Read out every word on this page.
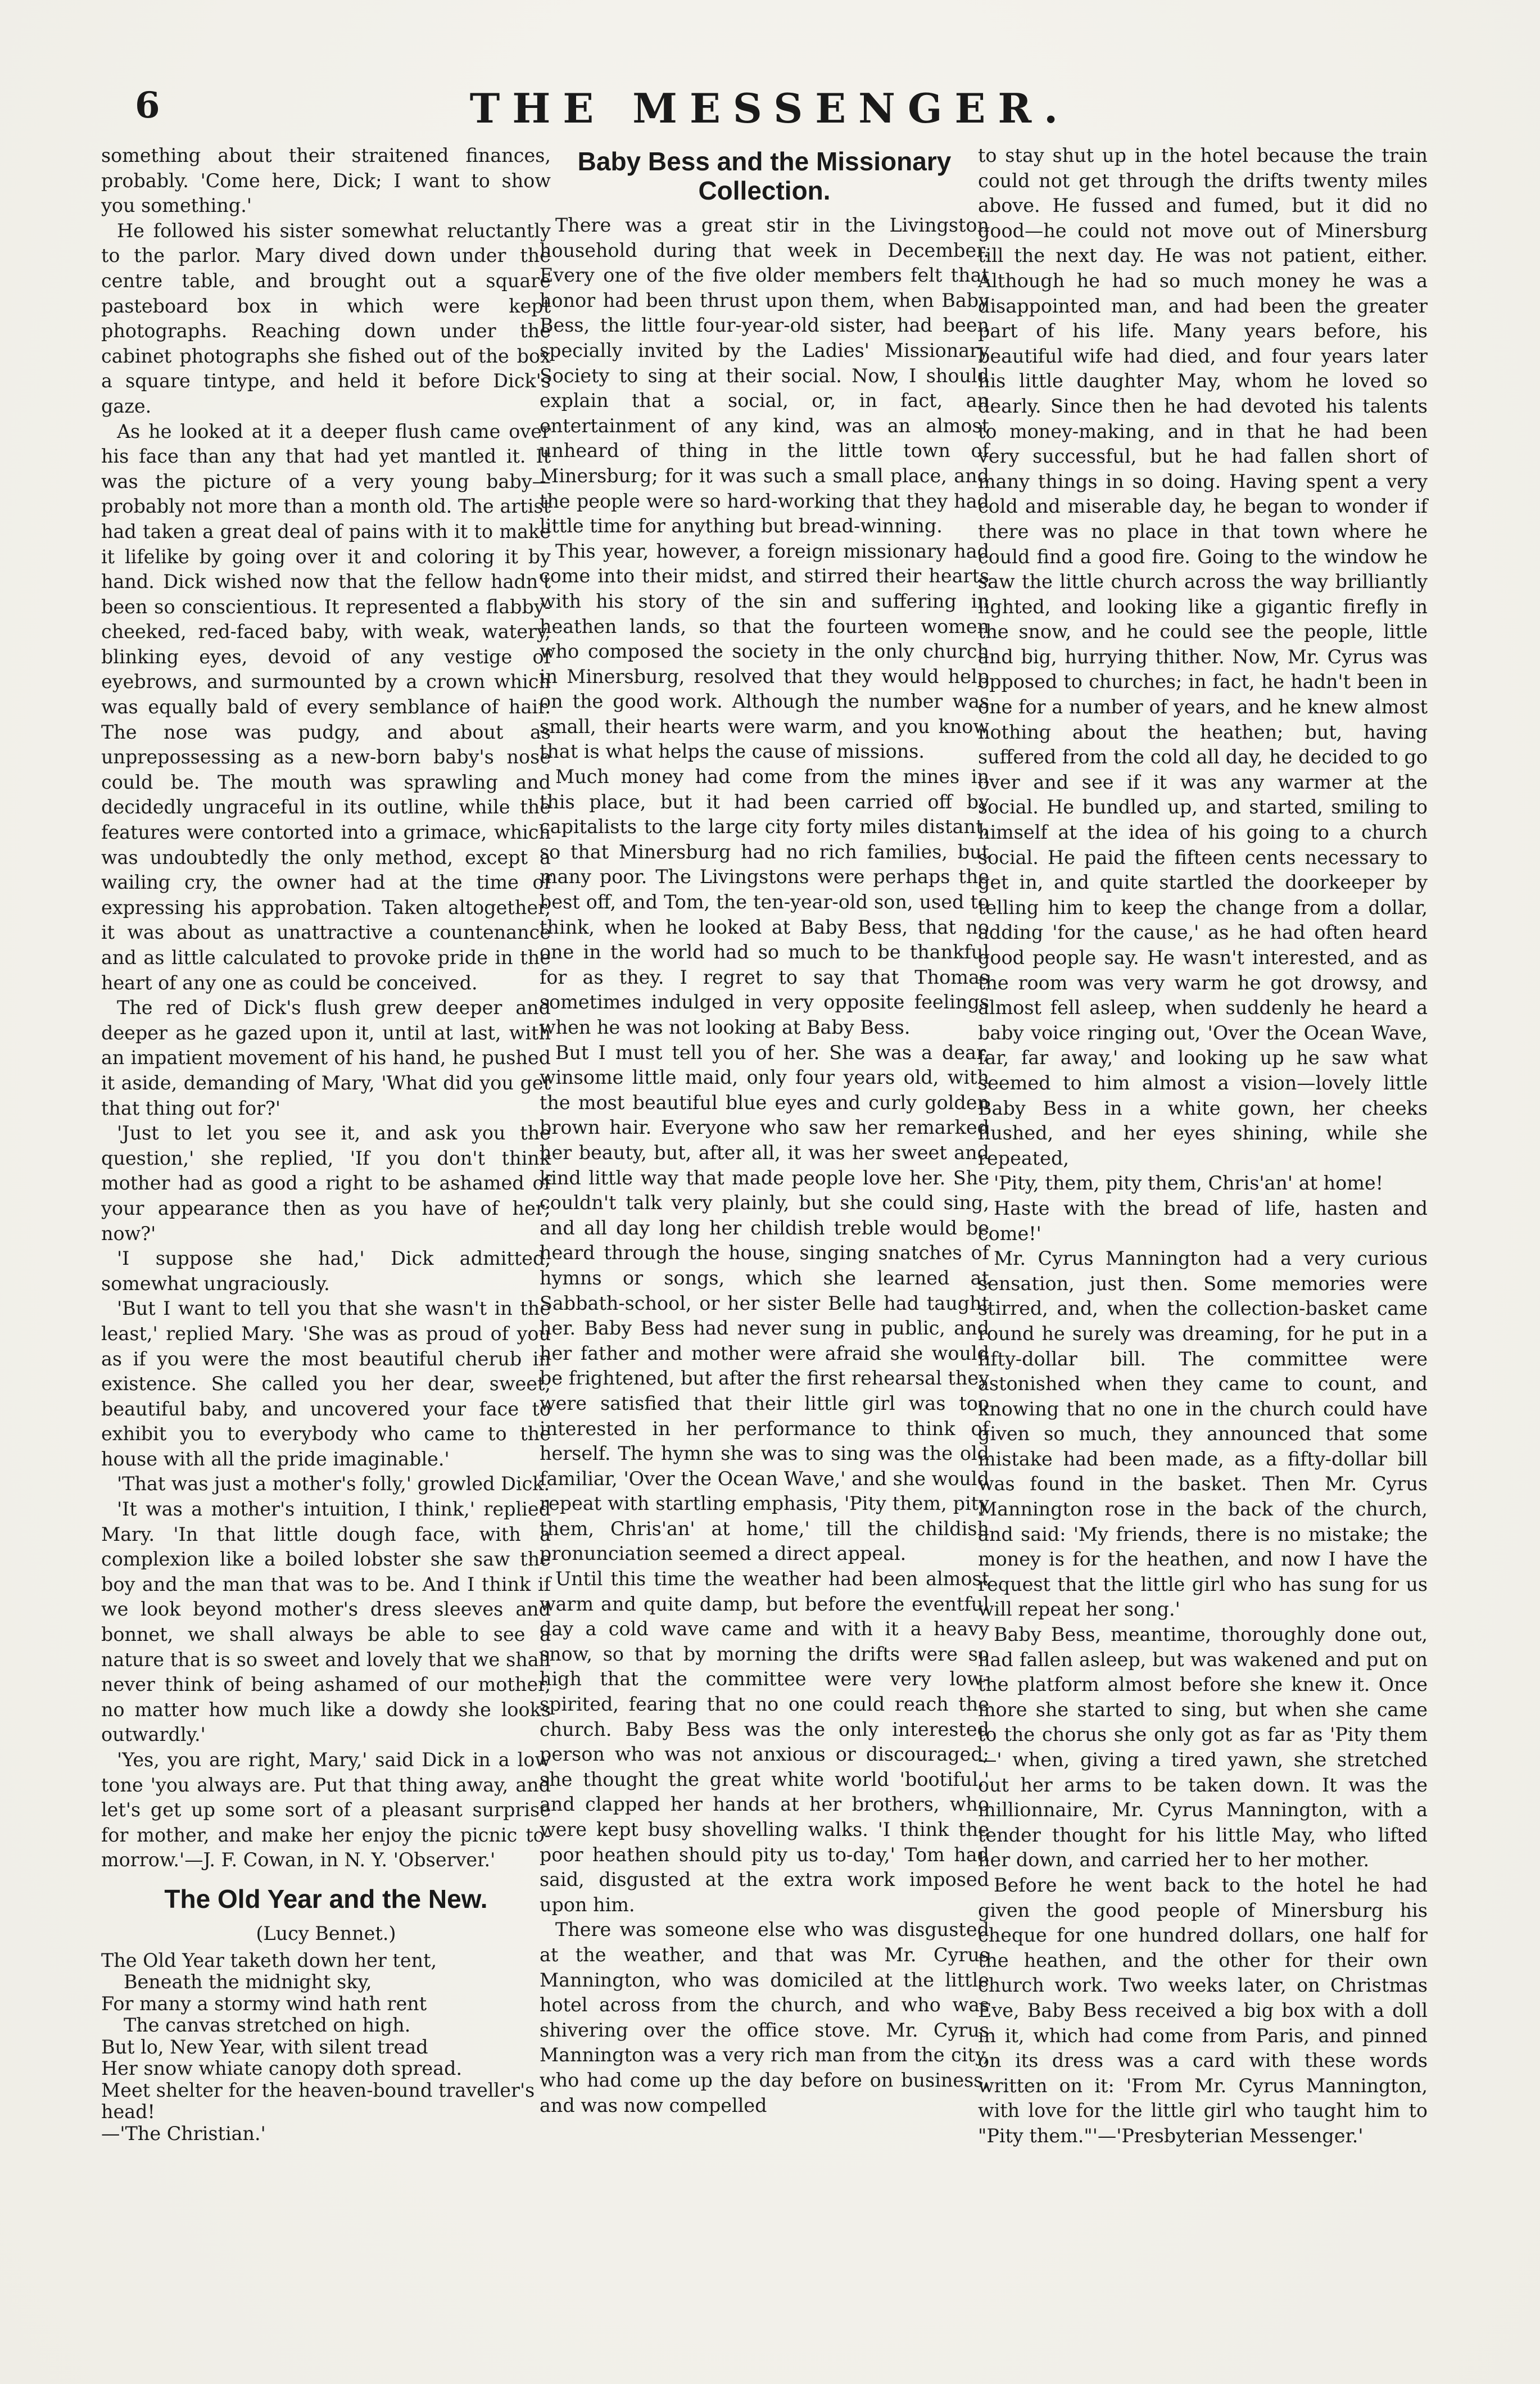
6	THE MESSENGER.

something about their straitened finances, probably. 'Come here, Dick; I want to show you something.'

He followed his sister somewhat reluctantly to the parlor. Mary dived down under the centre table, and brought out a square pasteboard box in which were kept photographs. Reaching down under the cabinet photographs she fished out of the box a square tintype, and held it before Dick's gaze.

As he looked at it a deeper flush came over his face than any that had yet mantled it. It was the picture of a very young baby—probably not more than a month old. The artist had taken a great deal of pains with it to make it lifelike by going over it and coloring it by hand. Dick wished now that the fellow hadn't been so conscientious. It represented a flabby-cheeked, red-faced baby, with weak, watery, blinking eyes, devoid of any vestige of eyebrows, and surmounted by a crown which was equally bald of every semblance of hair. The nose was pudgy, and about as unprepossessing as a new-born baby's nose could be. The mouth was sprawling and decidedly ungraceful in its outline, while the features were contorted into a grimace, which was undoubtedly the only method, except a wailing cry, the owner had at the time of expressing his approbation. Taken altogether, it was about as unattractive a countenance and as little calculated to provoke pride in the heart of any one as could be conceived.

The red of Dick's flush grew deeper and deeper as he gazed upon it, until at last, with an impatient movement of his hand, he pushed it aside, demanding of Mary, 'What did you get that thing out for?'

'Just to let you see it, and ask you the question,' she replied, 'If you don't think mother had as good a right to be ashamed of your appearance then as you have of her; now?'

'I suppose she had,' Dick admitted, somewhat ungraciously.

'But I want to tell you that she wasn't in the least,' replied Mary. 'She was as proud of you as if you were the most beautiful cherub in existence. She called you her dear, sweet, beautiful baby, and uncovered your face to exhibit you to everybody who came to the house with all the pride imaginable.'

'That was just a mother's folly,' growled Dick.

'It was a mother's intuition, I think,' replied Mary. 'In that little dough face, with a complexion like a boiled lobster she saw the boy and the man that was to be. And I think if we look beyond mother's dress sleeves and bonnet, we shall always be able to see a nature that is so sweet and lovely that we shall never think of being ashamed of our mother, no matter how much like a dowdy she looks outwardly.'

'Yes, you are right, Mary,' said Dick in a low tone 'you always are. Put that thing away, and let's get up some sort of a pleasant surprise for mother, and make her enjoy the picnic to-morrow.'—J. F. Cowan, in N. Y. 'Observer.'

The Old Year and the New.
(Lucy Bennet.)
The Old Year taketh down her tent,
Beneath the midnight sky,
For many a stormy wind hath rent
The canvas stretched on high.
But lo, New Year, with silent tread
Her snow whiate canopy doth spread.
Meet shelter for the heaven-bound traveller's head!
—'The Christian.'
Baby Bess and the Missionary Collection.

There was a great stir in the Livingston household during that week in December. Every one of the five older members felt that honor had been thrust upon them, when Baby Bess, the little four-year-old sister, had been specially invited by the Ladies' Missionary Society to sing at their social. Now, I should explain that a social, or, in fact, an entertainment of any kind, was an almost unheard of thing in the little town of Minersburg; for it was such a small place, and the people were so hard-working that they had little time for anything but bread-winning.

This year, however, a foreign missionary had come into their midst, and stirred their hearts with his story of the sin and suffering in heathen lands, so that the fourteen women who composed the society in the only church in Minersburg, resolved that they would help on the good work. Although the number was small, their hearts were warm, and you know that is what helps the cause of missions.

Much money had come from the mines in this place, but it had been carried off by capitalists to the large city forty miles distant, so that Minersburg had no rich families, but many poor. The Livingstons were perhaps the best off, and Tom, the ten-year-old son, used to think, when he looked at Baby Bess, that no one in the world had so much to be thankful for as they. I regret to say that Thomas sometimes indulged in very opposite feelings when he was not looking at Baby Bess.

But I must tell you of her. She was a dear, winsome little maid, only four years old, with the most beautiful blue eyes and curly golden brown hair. Everyone who saw her remarked her beauty, but, after all, it was her sweet and kind little way that made people love her. She couldn't talk very plainly, but she could sing, and all day long her childish treble would be heard through the house, singing snatches of hymns or songs, which she learned at Sabbath-school, or her sister Belle had taught her. Baby Bess had never sung in public, and her father and mother were afraid she would be frightened, but after the first rehearsal they were satisfied that their little girl was too interested in her performance to think of herself. The hymn she was to sing was the old familiar, 'Over the Ocean Wave,' and she would repeat with startling emphasis, 'Pity them, pity them, Chris'an' at home,' till the childish pronunciation seemed a direct appeal.

Until this time the weather had been almost warm and quite damp, but before the eventful day a cold wave came and with it a heavy snow, so that by morning the drifts were so high that the committee were very low-spirited, fearing that no one could reach the church. Baby Bess was the only interested person who was not anxious or discouraged; she thought the great white world 'bootiful,' and clapped her hands at her brothers, who were kept busy shovelling walks. 'I think the poor heathen should pity us to-day,' Tom had said, disgusted at the extra work imposed upon him.

There was someone else who was disgusted at the weather, and that was Mr. Cyrus Mannington, who was domiciled at the little hotel across from the church, and who was shivering over the office stove. Mr. Cyrus Mannington was a very rich man from the city, who had come up the day before on business, and was now compelled

to stay shut up in the hotel because the train could not get through the drifts twenty miles above. He fussed and fumed, but it did no good—he could not move out of Minersburg till the next day. He was not patient, either. Although he had so much money he was a disappointed man, and had been the greater part of his life. Many years before, his beautiful wife had died, and four years later his little daughter May, whom he loved so dearly. Since then he had devoted his talents to money-making, and in that he had been very successful, but he had fallen short of many things in so doing. Having spent a very cold and miserable day, he began to wonder if there was no place in that town where he could find a good fire. Going to the window he saw the little church across the way brilliantly lighted, and looking like a gigantic firefly in the snow, and he could see the people, little and big, hurrying thither. Now, Mr. Cyrus was opposed to churches; in fact, he hadn't been in one for a number of years, and he knew almost nothing about the heathen; but, having suffered from the cold all day, he decided to go over and see if it was any warmer at the social. He bundled up, and started, smiling to himself at the idea of his going to a church social. He paid the fifteen cents necessary to get in, and quite startled the doorkeeper by telling him to keep the change from a dollar, adding 'for the cause,' as he had often heard good people say. He wasn't interested, and as the room was very warm he got drowsy, and almost fell asleep, when suddenly he heard a baby voice ringing out, 'Over the Ocean Wave, far, far away,' and looking up he saw what seemed to him almost a vision—lovely little Baby Bess in a white gown, her cheeks flushed, and her eyes shining, while she repeated,

'Pity, them, pity them, Chris'an' at home!

Haste with the bread of life, hasten and come!'

Mr. Cyrus Mannington had a very curious sensation, just then. Some memories were stirred, and, when the collection-basket came round he surely was dreaming, for he put in a fifty-dollar bill. The committee were astonished when they came to count, and knowing that no one in the church could have given so much, they announced that some mistake had been made, as a fifty-dollar bill was found in the basket. Then Mr. Cyrus Mannington rose in the back of the church, and said: 'My friends, there is no mistake; the money is for the heathen, and now I have the request that the little girl who has sung for us will repeat her song.'

Baby Bess, meantime, thoroughly done out, had fallen asleep, but was wakened and put on the platform almost before she knew it. Once more she started to sing, but when she came to the chorus she only got as far as 'Pity them—' when, giving a tired yawn, she stretched out her arms to be taken down. It was the millionnaire, Mr. Cyrus Mannington, with a tender thought for his little May, who lifted her down, and carried her to her mother.

Before he went back to the hotel he had given the good people of Minersburg his cheque for one hundred dollars, one half for the heathen, and the other for their own church work. Two weeks later, on Christmas Eve, Baby Bess received a big box with a doll in it, which had come from Paris, and pinned on its dress was a card with these words written on it: 'From Mr. Cyrus Mannington, with love for the little girl who taught him to "Pity them."'—'Presbyterian Messenger.'
